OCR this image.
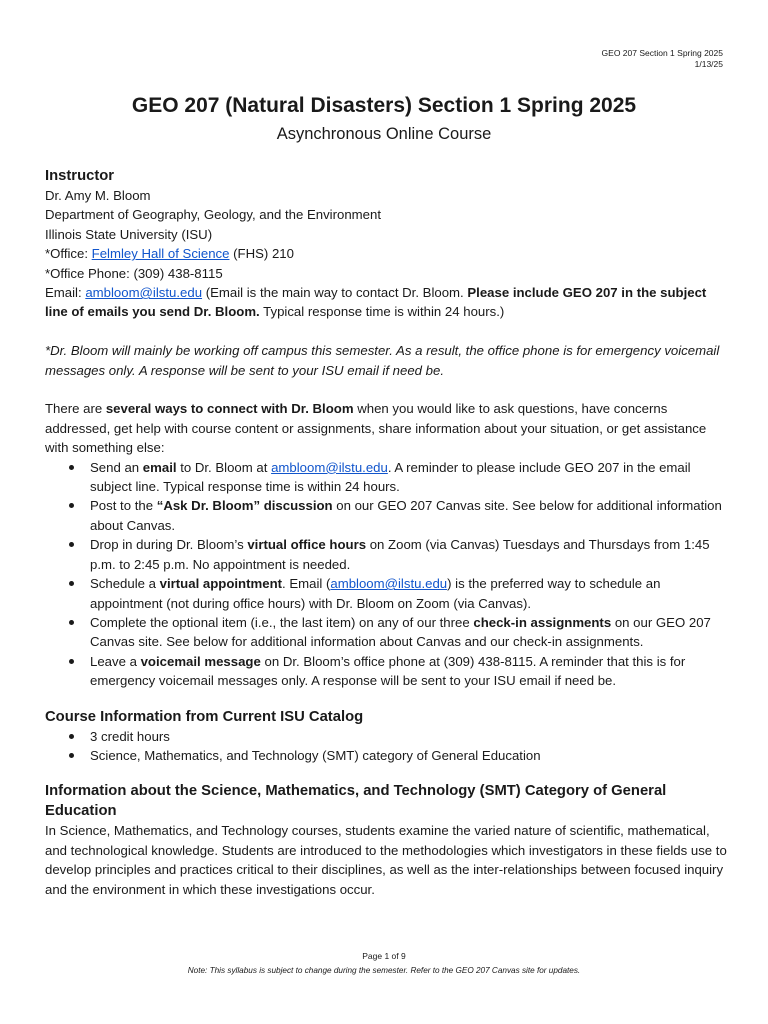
GEO 207 Section 1 Spring 2025
1/13/25
GEO 207 (Natural Disasters) Section 1 Spring 2025
Asynchronous Online Course
Instructor

Dr. Amy M. Bloom

Department of Geography, Geology, and the Environment

Illinois State University (ISU)

*Office: Felmley Hall of Science (FHS) 210

*Office Phone: (309) 438-8115

Email: ambloom@ilstu.edu (Email is the main way to contact Dr. Bloom. Please include GEO 207 in the subject line of emails you send Dr. Bloom. Typical response time is within 24 hours.)

*Dr. Bloom will mainly be working off campus this semester. As a result, the office phone is for emergency voicemail messages only. A response will be sent to your ISU email if need be.

There are several ways to connect with Dr. Bloom when you would like to ask questions, have concerns addressed, get help with course content or assignments, share information about your situation, or get assistance with something else:

Send an email to Dr. Bloom at ambloom@ilstu.edu. A reminder to please include GEO 207 in the email subject line. Typical response time is within 24 hours.
Post to the “Ask Dr. Bloom” discussion on our GEO 207 Canvas site. See below for additional information about Canvas.
Drop in during Dr. Bloom’s virtual office hours on Zoom (via Canvas) Tuesdays and Thursdays from 1:45 p.m. to 2:45 p.m. No appointment is needed.
Schedule a virtual appointment. Email (ambloom@ilstu.edu) is the preferred way to schedule an appointment (not during office hours) with Dr. Bloom on Zoom (via Canvas).
Complete the optional item (i.e., the last item) on any of our three check-in assignments on our GEO 207 Canvas site. See below for additional information about Canvas and our check-in assignments.
Leave a voicemail message on Dr. Bloom’s office phone at (309) 438-8115. A reminder that this is for emergency voicemail messages only. A response will be sent to your ISU email if need be.
Course Information from Current ISU Catalog
3 credit hours
Science, Mathematics, and Technology (SMT) category of General Education
Information about the Science, Mathematics, and Technology (SMT) Category of General Education

In Science, Mathematics, and Technology courses, students examine the varied nature of scientific, mathematical, and technological knowledge. Students are introduced to the methodologies which investigators in these fields use to develop principles and practices critical to their disciplines, as well as the inter-relationships between focused inquiry and the environment in which these investigations occur.

Page 1 of 9
Note: This syllabus is subject to change during the semester. Refer to the GEO 207 Canvas site for updates.
